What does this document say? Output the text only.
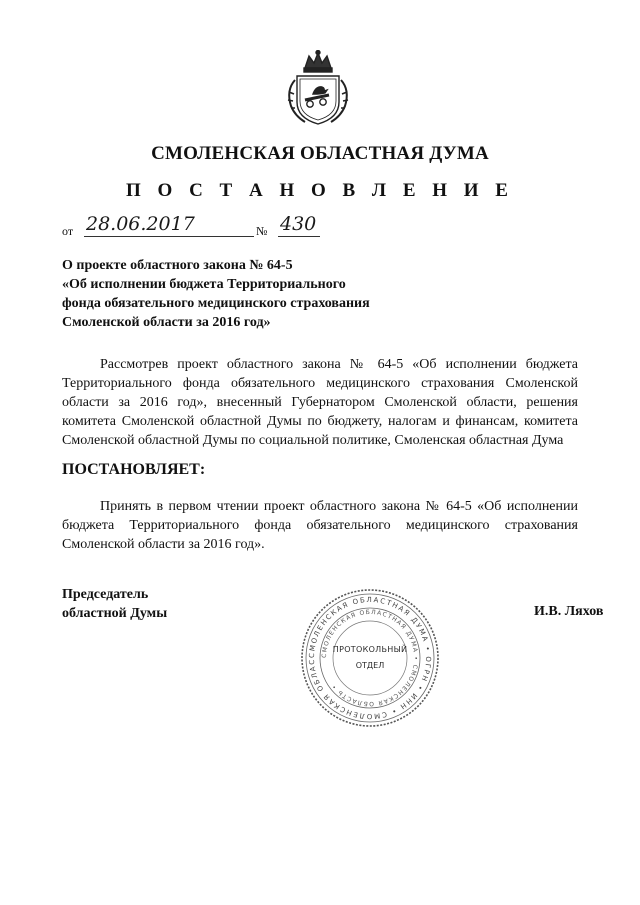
СМОЛЕНСКАЯ ОБЛАСТНАЯ ДУМА
П О С Т А Н О В Л Е Н И Е
от 28.06.2017	№ 430
О проекте областного закона № 64-5
«Об исполнении бюджета Территориального
фонда обязательного медицинского страхования
Смоленской области за 2016 год»
Рассмотрев проект областного закона № 64-5 «Об исполнении бюджета Территориального фонда обязательного медицинского страхования Смоленской области за 2016 год», внесенный Губернатором Смоленской области, решения комитета Смоленской областной Думы по бюджету, налогам и финансам, комитета Смоленской областной Думы по социальной политике, Смоленская областная Дума
ПОСТАНОВЛЯЕТ:
Принять в первом чтении проект областного закона № 64-5 «Об исполнении бюджета Территориального фонда обязательного медицинского страхования Смоленской области за 2016 год».
Председатель
областной Думы
СМОЛЕНСКАЯ ОБЛАСТНАЯ ДУМА • ОГРН • ИНН • СМОЛЕНСКАЯ ОБЛАС
СМОЛЕНСКАЯ ОБЛАСТНАЯ ДУМА • СМОЛЕНСКАЯ ОБЛАСТЬ •
ПРОТОКОЛЬНЫЙ
ОТДЕЛ
И.В. Ляхов
